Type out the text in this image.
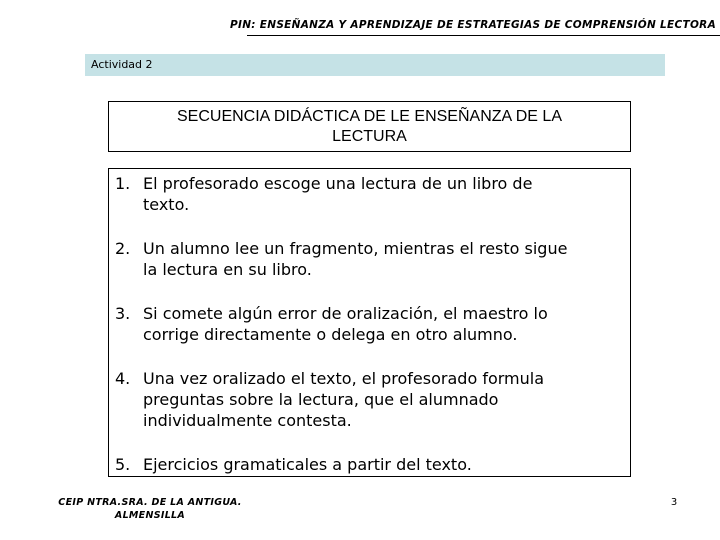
PIN: ENSEÑANZA Y APRENDIZAJE DE ESTRATEGIAS DE COMPRENSIÓN LECTORA
Actividad 2
SECUENCIA DIDÁCTICA DE LE ENSEÑANZA DE LA
LECTURA
1. El profesorado escoge una lectura de un libro de
texto.
2. Un alumno lee un fragmento, mientras el resto sigue
la lectura en su libro.
3. Si comete algún error de oralización, el maestro lo
corrige directamente o delega en otro alumno.
4. Una vez oralizado el texto, el profesorado formula
preguntas sobre la lectura, que el alumnado
individualmente contesta.
5. Ejercicios gramaticales a partir del texto.
CEIP NTRA.SRA. DE LA ANTIGUA.
ALMENSILLA
3
